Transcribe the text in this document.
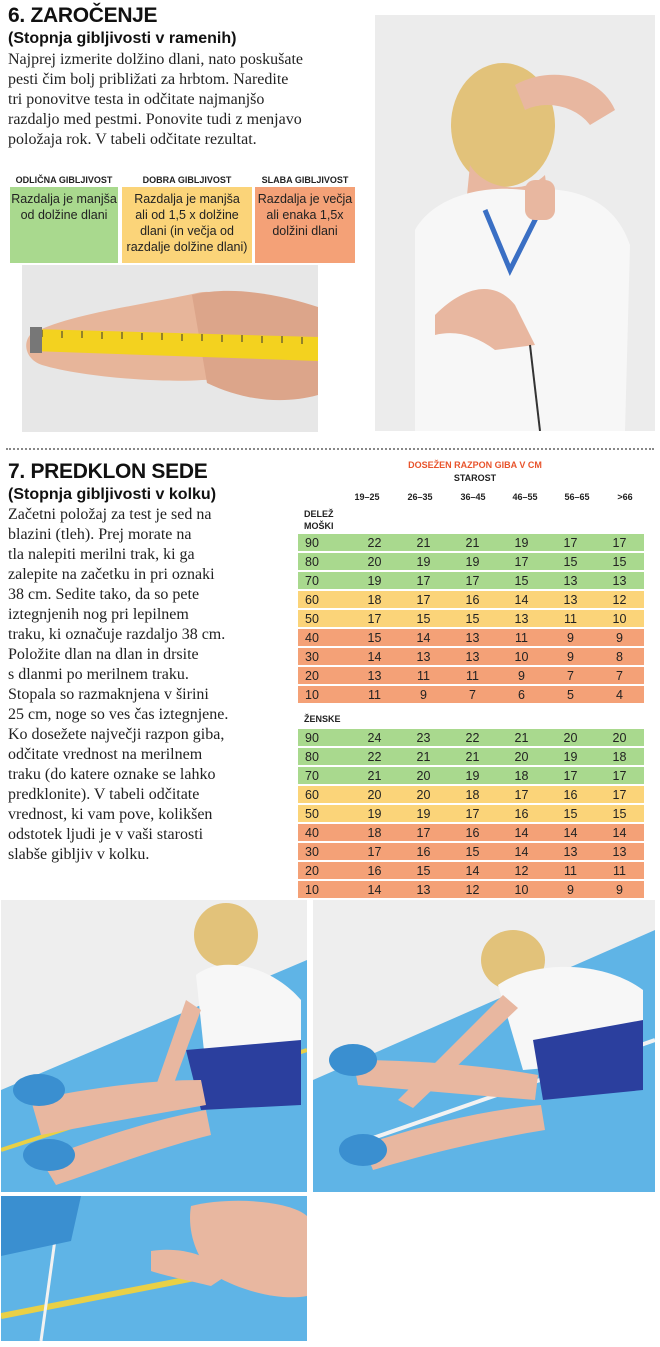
6. ZAROČENJE
(Stopnja gibljivosti v ramenih)
Najprej izmerite dolžino dlani, nato poskušate
pesti čim bolj približati za hrbtom. Naredite
tri ponovitve testa in odčitate najmanjšo
razdaljo med pestmi. Ponovite tudi z menjavo
položaja rok. V tabeli odčitate rezultat.
ODLIČNA GIBLJIVOST
Razdalja je manjša
od dolžine dlani
DOBRA GIBLJIVOST
Razdalja je manjša
ali od 1,5 x dolžine
dlani (in večja od
razdalje dolžine dlani)
SLABA GIBLJIVOST
Razdalja je večja
ali enaka 1,5x
dolžini dlani
7. PREDKLON SEDE
(Stopnja gibljivosti v kolku)
Začetni položaj za test je sed na
blazini (tleh). Prej morate na
tla nalepiti merilni trak, ki ga
zalepite na začetku in pri oznaki
38 cm. Sedite tako, da so pete
iztegnjenih nog pri lepilnem
traku, ki označuje razdaljo 38 cm.
Položite dlan na dlan in drsite
s dlanmi po merilnem traku.
Stopala so razmaknjena v širini
25 cm, noge so ves čas iztegnjene.
Ko dosežete največji razpon giba,
odčitate vrednost na merilnem
traku (do katere oznake se lahko
predklonite). V tabeli odčitate
vrednost, ki vam pove, kolikšen
odstotek ljudi je v vaši starosti
slabše gibljiv v kolku.
DOSEŽEN RAZPON GIBA V CM
STAROST
19–25	26–35	36–45	46–55	56–65	>66
DELEŽ
MOŠKI
90	22	21	21	19	17	17
80	20	19	19	17	15	15
70	19	17	17	15	13	13
60	18	17	16	14	13	12
50	17	15	15	13	11	10
40	15	14	13	11	9	9
30	14	13	13	10	9	8
20	13	11	11	9	7	7
10	11	9	7	6	5	4
ŽENSKE
90	24	23	22	21	20	20
80	22	21	21	20	19	18
70	21	20	19	18	17	17
60	20	20	18	17	16	17
50	19	19	17	16	15	15
40	18	17	16	14	14	14
30	17	16	15	14	13	13
20	16	15	14	12	11	11
10	14	13	12	10	9	9
